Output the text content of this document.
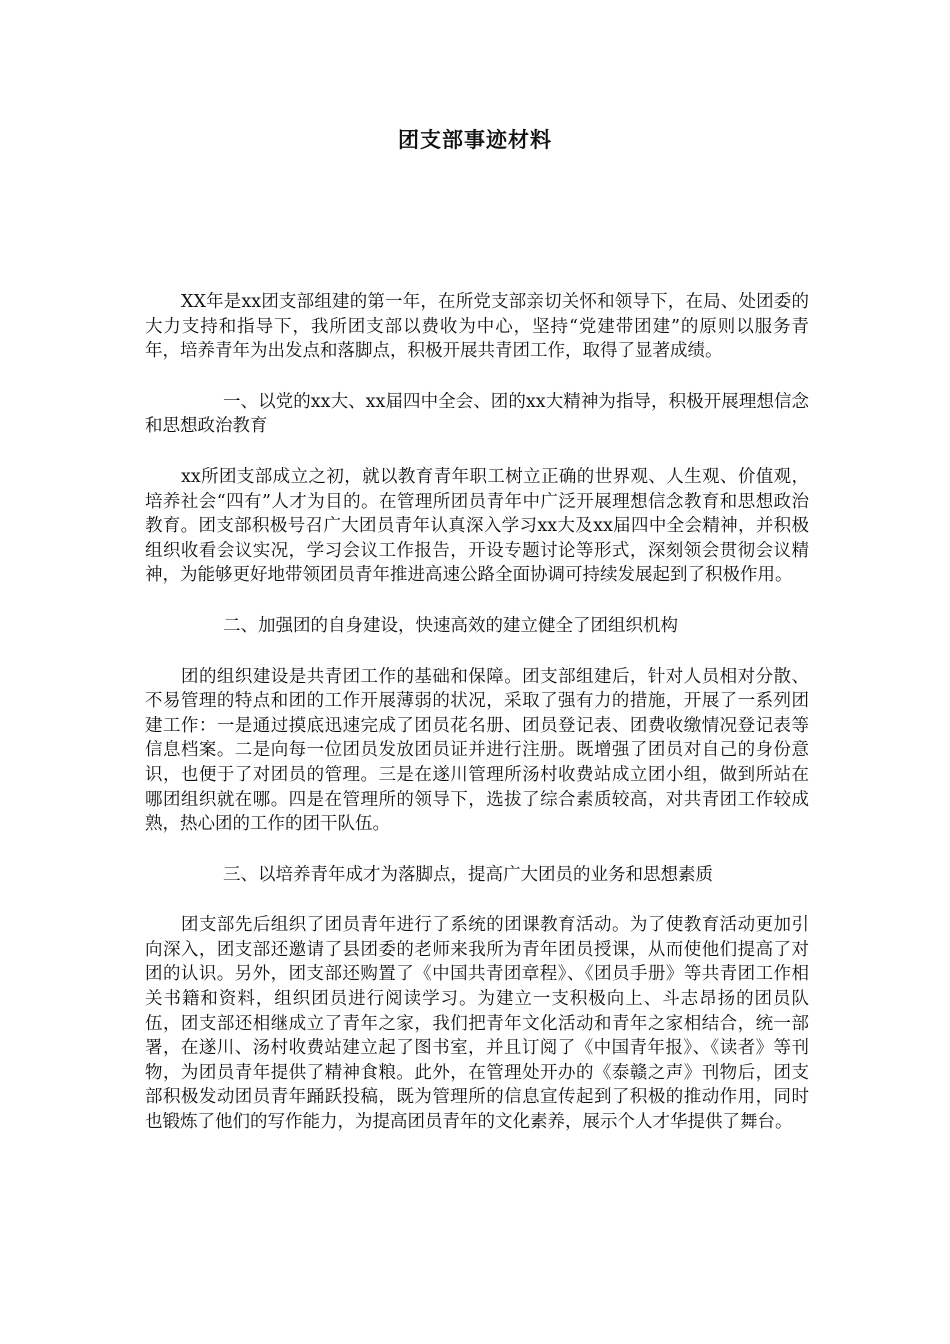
团支部事迹材料

XX年是xx团支部组建的第一年，在所党支部亲切关怀和领导下，在局、处团委的大力支持和指导下，我所团支部以费收为中心，坚持“党建带团建”的原则以服务青年，培养青年为出发点和落脚点，积极开展共青团工作，取得了显著成绩。

一、以党的xx大、xx届四中全会、团的xx大精神为指导，积极开展理想信念和思想政治教育

xx所团支部成立之初，就以教育青年职工树立正确的世界观、人生观、价值观，培养社会“四有”人才为目的。在管理所团员青年中广泛开展理想信念教育和思想政治教育。团支部积极号召广大团员青年认真深入学习xx大及xx届四中全会精神，并积极组织收看会议实况，学习会议工作报告，开设专题讨论等形式，深刻领会贯彻会议精神，为能够更好地带领团员青年推进高速公路全面协调可持续发展起到了积极作用。

二、加强团的自身建设，快速高效的建立健全了团组织机构

团的组织建设是共青团工作的基础和保障。团支部组建后，针对人员相对分散、不易管理的特点和团的工作开展薄弱的状况，采取了强有力的措施，开展了一系列团建工作：一是通过摸底迅速完成了团员花名册、团员登记表、团费收缴情况登记表等信息档案。二是向每一位团员发放团员证并进行注册。既增强了团员对自己的身份意识，也便于了对团员的管理。三是在遂川管理所汤村收费站成立团小组，做到所站在哪团组织就在哪。四是在管理所的领导下，选拔了综合素质较高，对共青团工作较成熟，热心团的工作的团干队伍。

三、以培养青年成才为落脚点，提高广大团员的业务和思想素质

团支部先后组织了团员青年进行了系统的团课教育活动。为了使教育活动更加引向深入，团支部还邀请了县团委的老师来我所为青年团员授课，从而使他们提高了对团的认识。另外，团支部还购置了《中国共青团章程》、《团员手册》等共青团工作相关书籍和资料，组织团员进行阅读学习。为建立一支积极向上、斗志昂扬的团员队伍，团支部还相继成立了青年之家，我们把青年文化活动和青年之家相结合，统一部署，在遂川、汤村收费站建立起了图书室，并且订阅了《中国青年报》、《读者》等刊物，为团员青年提供了精神食粮。此外，在管理处开办的《泰赣之声》刊物后，团支部积极发动团员青年踊跃投稿，既为管理所的信息宣传起到了积极的推动作用，同时也锻炼了他们的写作能力，为提高团员青年的文化素养，展示个人才华提供了舞台。
